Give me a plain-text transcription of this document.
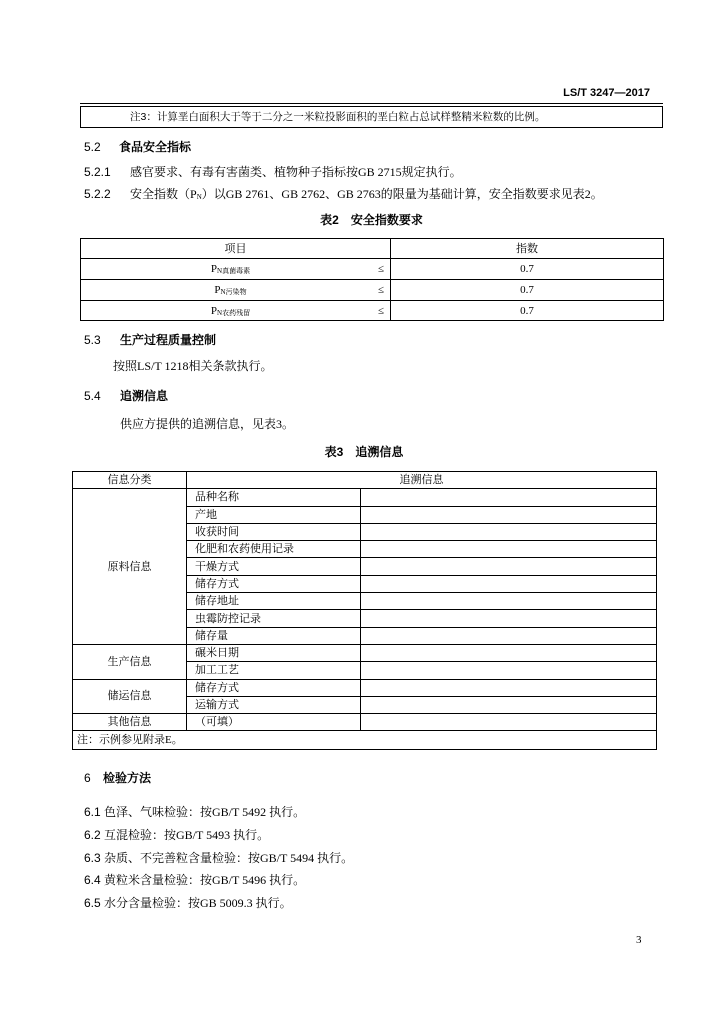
LS/T 3247—2017
注3：计算垩白面积大于等于二分之一米粒投影面积的垩白粒占总试样整精米粒数的比例。
5.2 食品安全指标
5.2.1 感官要求、有毒有害菌类、植物种子指标按GB 2715规定执行。
5.2.2 安全指数$(P_N)$以GB 2761、GB 2762、GB 2763的限量为基础计算，安全指数要求见表2。
表2 安全指数要求
项目	指数
$P_{N真菌毒素}$ ≤	0.7
$P_{N污染物}$ ≤	0.7
$P_{N农药残留}$ ≤	0.7
5.3 生产过程质量控制
按照LS/T 1218相关条款执行。
5.4 追溯信息
供应方提供的追溯信息，见表3。
表3 追溯信息
信息分类	追溯信息	
原料信息	品种名称	
	产地	
	收获时间	
	化肥和农药使用记录	
	干燥方式	
	储存方式	
	储存地址	
	虫霉防控记录	
	储存量	
生产信息	碾米日期	
	加工工艺	
储运信息	储存方式	
	运输方式	
其他信息	（可填）	
注：示例参见附录E。		
6 检验方法
6.1 色泽、气味检验：按GB/T 5492 执行。
6.2 互混检验：按GB/T 5493 执行。
6.3 杂质、不完善粒含量检验：按GB/T 5494 执行。
6.4 黄粒米含量检验：按GB/T 5496 执行。
6.5 水分含量检验：按GB 5009.3 执行。
3
